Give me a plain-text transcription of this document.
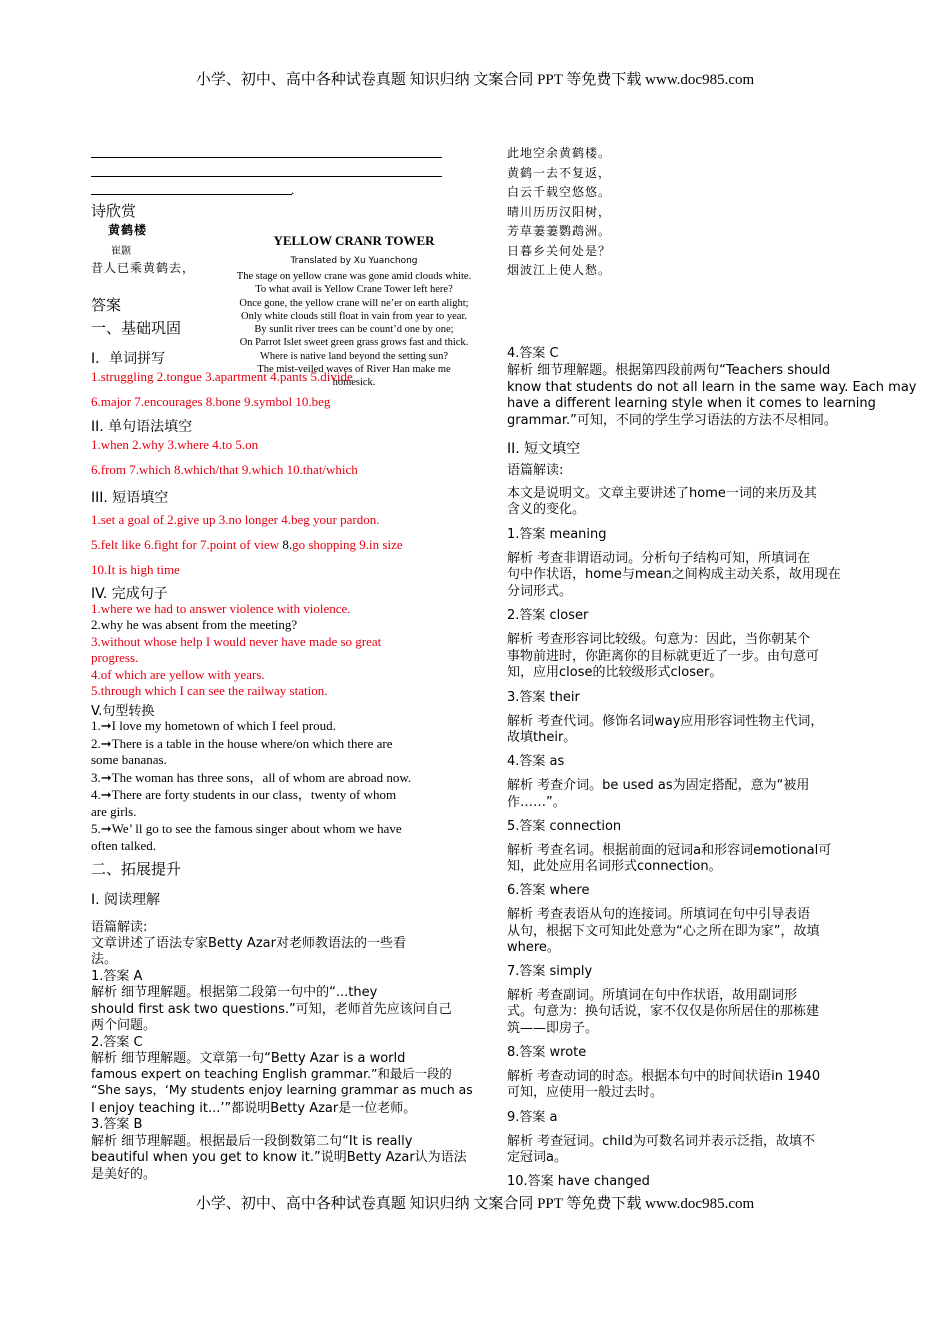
小学、初中、高中各种试卷真题 知识归纳 文案合同 PPT 等免费下载 www.doc985.com
小学、初中、高中各种试卷真题 知识归纳 文案合同 PPT 等免费下载 www.doc985.com
.
诗欣赏
黄鹤楼
崔颢
昔人已乘黄鹤去，
YELLOW CRANR TOWER
Translated by Xu Yuanchong
The stage on yellow crane was gone amid clouds white.
To what avail is Yellow Crane Tower left here?
Once gone, the yellow crane will ne’er on earth alight;
Only white clouds still float in vain from year to year.
By sunlit river trees can be count’d one by one;
On Parrot Islet sweet green grass grows fast and thick.
Where is native land beyond the setting sun?
The mist-veiled waves of River Han make me
homesick.
此地空余黄鹤楼。
黄鹤一去不复返，
白云千载空悠悠。
晴川历历汉阳树，
芳草萋萋鹦鹉洲。
日暮乡关何处是？
烟波江上使人愁。
答案
一、基础巩固
I．单词拼写
1.struggling 2.tongue 3.apartment 4.pants 5.divide
6.major 7.encourages 8.bone 9.symbol 10.beg
II. 单句语法填空
1.when 2.why 3.where 4.to 5.on
6.from 7.which 8.which/that 9.which 10.that/which
III. 短语填空
1.set a goal of 2.give up 3.no longer 4.beg your pardon.
5.felt like 6.fight for 7.point of view 8.go shopping 9.in size
10.It is high time
IV. 完成句子
1.where we had to answer violence with violence.
2.why he was absent from the meeting?
3.without whose help I would never have made so great
progress.
4.of which are yellow with years.
5.through which I can see the railway station.
V.句型转换
1.➞I love my hometown of which I feel proud.
2.➞There is a table in the house where/on which there are
some bananas.
3.➞The woman has three sons，all of whom are abroad now.
4.➞There are forty students in our class，twenty of whom
are girls.
5.➞We’ ll go to see the famous singer about whom we have
often talked.
二、拓展提升
I. 阅读理解
语篇解读:
文章讲述了语法专家Betty Azar对老师教语法的一些看
法。
1.答案 A
解析 细节理解题。根据第二段第一句中的“...they
should first ask two questions.”可知，老师首先应该问自己
两个问题。
2.答案 C
解析 细节理解题。文章第一句“Betty Azar is a world
famous expert on teaching English grammar.”和最后一段的
“She says，‘My students enjoy learning grammar as much as
I enjoy teaching it...’”都说明Betty Azar是一位老师。
3.答案 B
解析 细节理解题。根据最后一段倒数第二句“It is really
beautiful when you get to know it.”说明Betty Azar认为语法
是美好的。
4.答案 C
解析 细节理解题。根据第四段前两句“Teachers should
know that students do not all learn in the same way. Each may
have a different learning style when it comes to learning
grammar.”可知，不同的学生学习语法的方法不尽相同。
II. 短文填空
语篇解读:
本文是说明文。文章主要讲述了home一词的来历及其
含义的变化。
1.答案 meaning
解析 考查非谓语动词。分析句子结构可知，所填词在
句中作状语，home与mean之间构成主动关系，故用现在
分词形式。
2.答案 closer
解析 考查形容词比较级。句意为：因此，当你朝某个
事物前进时，你距离你的目标就更近了一步。由句意可
知，应用close的比较级形式closer。
3.答案 their
解析 考查代词。修饰名词way应用形容词性物主代词，
故填their。
4.答案 as
解析 考查介词。be used as为固定搭配，意为“被用
作……”。
5.答案 connection
解析 考查名词。根据前面的冠词a和形容词emotional可
知，此处应用名词形式connection。
6.答案 where
解析 考查表语从句的连接词。所填词在句中引导表语
从句，根据下文可知此处意为“心之所在即为家”，故填
where。
7.答案 simply
解析 考查副词。所填词在句中作状语，故用副词形
式。句意为：换句话说，家不仅仅是你所居住的那栋建
筑——即房子。
8.答案 wrote
解析 考查动词的时态。根据本句中的时间状语in 1940
可知，应使用一般过去时。
9.答案 a
解析 考查冠词。child为可数名词并表示泛指，故填不
定冠词a。
10.答案 have changed
